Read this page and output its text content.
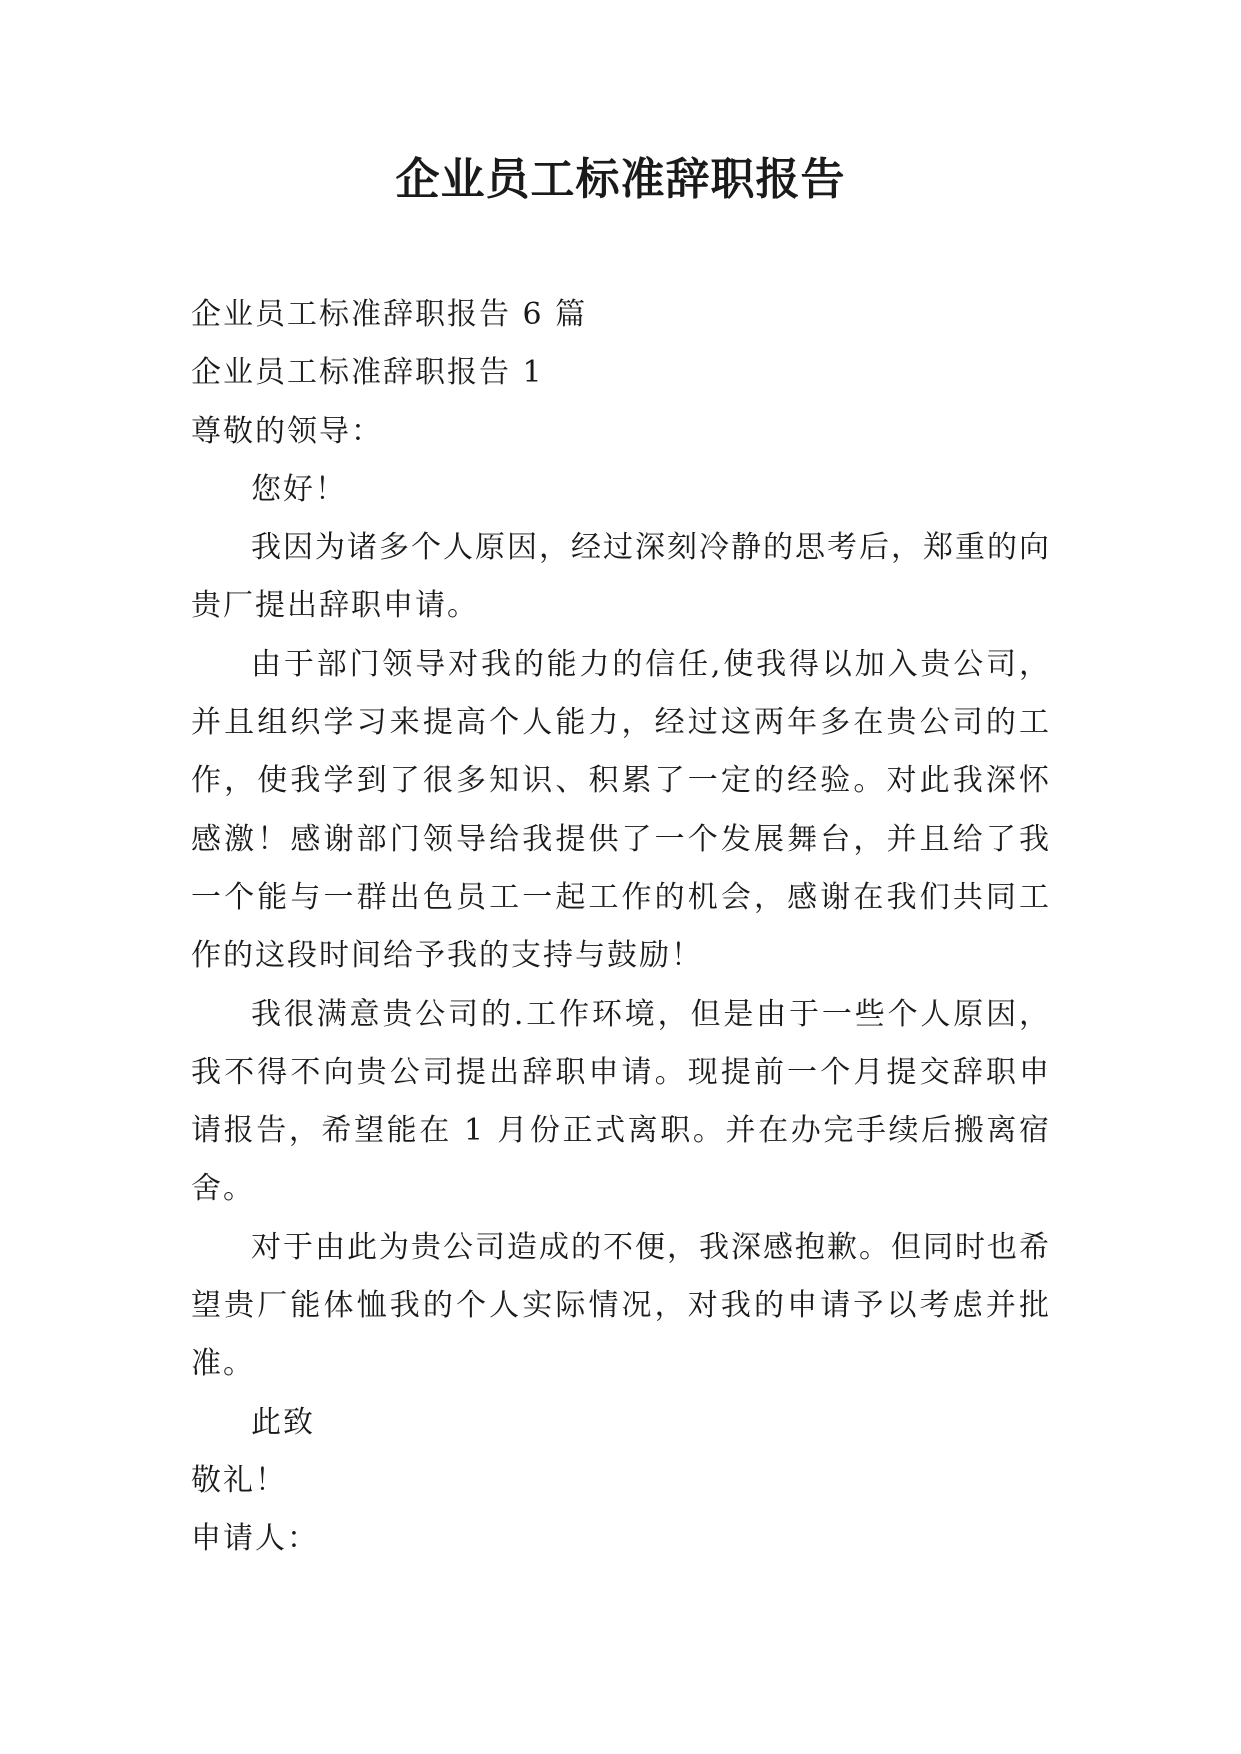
企业员工标准辞职报告

企业员工标准辞职报告 6 篇

企业员工标准辞职报告 1

尊敬的领导：

您好！

我因为诸多个人原因，经过深刻冷静的思考后，郑重的向贵厂提出辞职申请。

由于部门领导对我的能力的信任,使我得以加入贵公司，并且组织学习来提高个人能力，经过这两年多在贵公司的工作，使我学到了很多知识、积累了一定的经验。对此我深怀感激！感谢部门领导给我提供了一个发展舞台，并且给了我一个能与一群出色员工一起工作的机会，感谢在我们共同工作的这段时间给予我的支持与鼓励！

我很满意贵公司的.工作环境，但是由于一些个人原因，我不得不向贵公司提出辞职申请。现提前一个月提交辞职申请报告，希望能在 1 月份正式离职。并在办完手续后搬离宿舍。

对于由此为贵公司造成的不便，我深感抱歉。但同时也希望贵厂能体恤我的个人实际情况，对我的申请予以考虑并批准。

此致

敬礼！

申请人：
